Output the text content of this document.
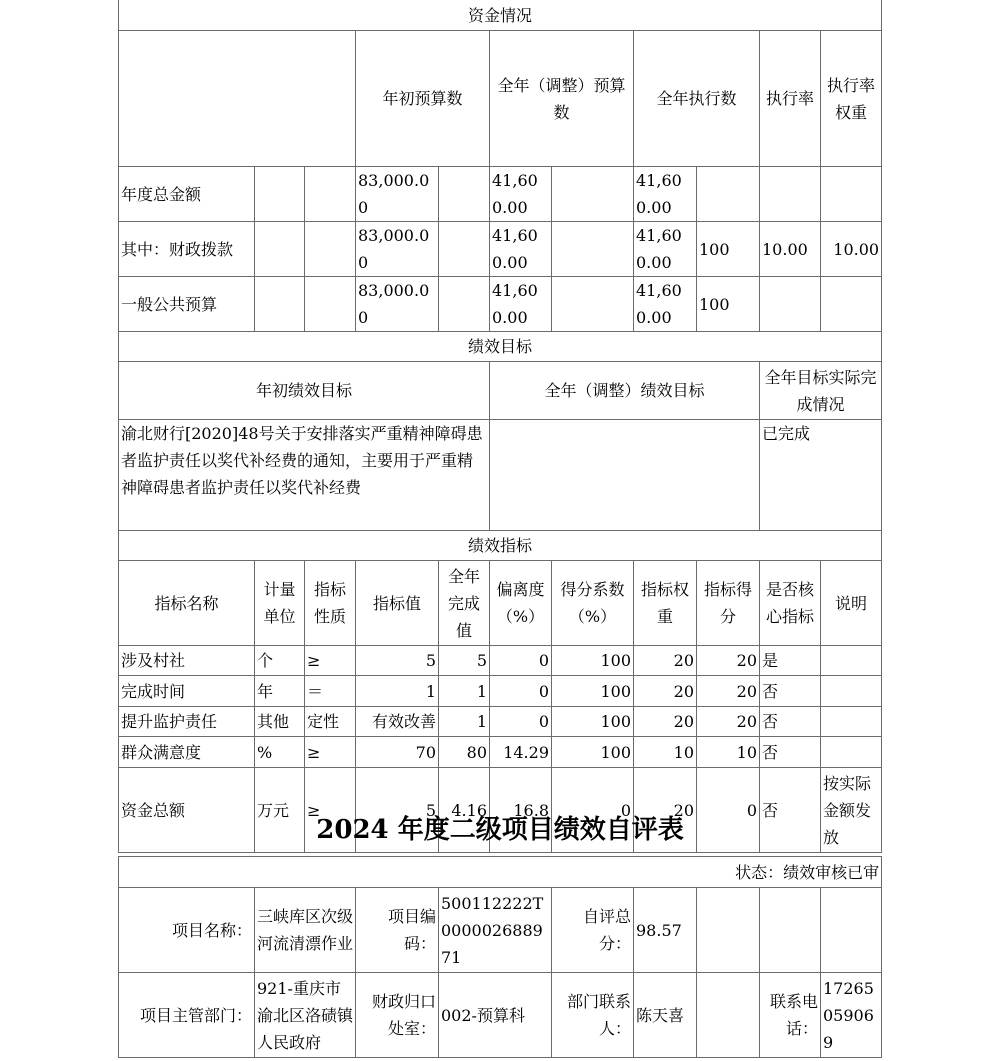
资金情况											
			年初预算数		全年（调整）预算数		全年执行数		执行率	执行率权重	
年度总金额			83,000.00		41,600.00		41,600.00				
其中：财政拨款			83,000.00		41,600.00		41,600.00	100	10.00	10.00	
一般公共预算			83,000.00		41,600.00		41,600.00	100			
绩效目标											
年初绩效目标					全年（调整）绩效目标				全年目标实际完成情况		
渝北财行[2020]48号关于安排落实严重精神障碍患者监护责任以奖代补经费的通知，主要用于严重精神障碍患者监护责任以奖代补经费									已完成		
绩效指标											
指标名称	计量单位	指标性质	指标值	全年完成值	偏离度（%）	得分系数（%）	指标权重	指标得分	是否核心指标	说明	
涉及村社	个	≥	5	5	0	100	20	20	是		
完成时间	年	＝	1	1	0	100	20	20	否		
提升监护责任	其他	定性	有效改善	1	0	100	20	20	否		
群众满意度	%	≥	70	80	14.29	100	10	10	否		
资金总额	万元	≥	5	4.16	16.8	0	20	0	否	按实际金额发放	
2024 年度二级项目绩效自评表
状态：绩效审核已审								
项目名称：	三峡库区次级河流清漂作业	项目编码：	500112222T000002688971	自评总分：	98.57			
项目主管部门：	921-重庆市渝北区洛碛镇人民政府	财政归口处室：	002-预算科	部门联系人：	陈天喜		联系电话：	17265059069
